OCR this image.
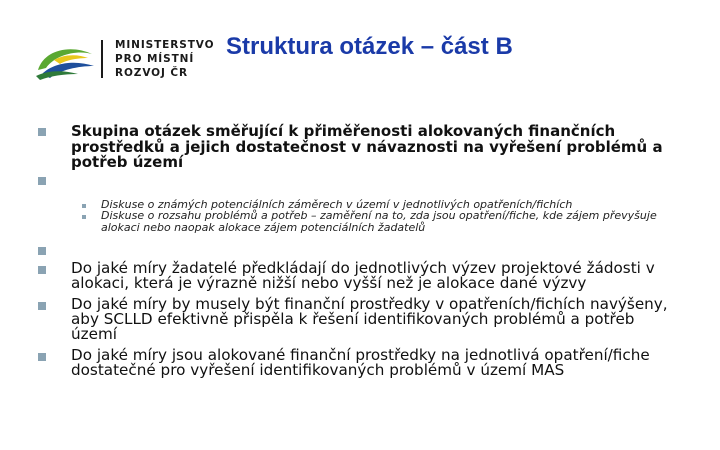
MINISTERSTVO
PRO MÍSTNÍ
ROZVOJ ČR
Struktura otázek – část B
Skupina otázek směřující k přiměřenosti alokovaných finančních prostředků a jejich dostatečnost v návaznosti na vyřešení problémů a potřeb území
Diskuse o známých potenciálních záměrech v území v jednotlivých opatřeních/fichích
Diskuse o rozsahu problémů a potřeb – zaměření na to, zda jsou opatření/fiche, kde zájem převyšuje alokaci nebo naopak alokace zájem potenciálních žadatelů
Do jaké míry žadatelé předkládají do jednotlivých výzev projektové žádosti v alokaci, která je výrazně nižší nebo vyšší než je alokace dané výzvy
Do jaké míry by musely být finanční prostředky v opatřeních/fichích navýšeny, aby SCLLD efektivně přispěla k řešení identifikovaných problémů a potřeb území
Do jaké míry jsou alokované finanční prostředky na jednotlivá opatření/fiche dostatečné pro vyřešení identifikovaných problémů v území MAS
